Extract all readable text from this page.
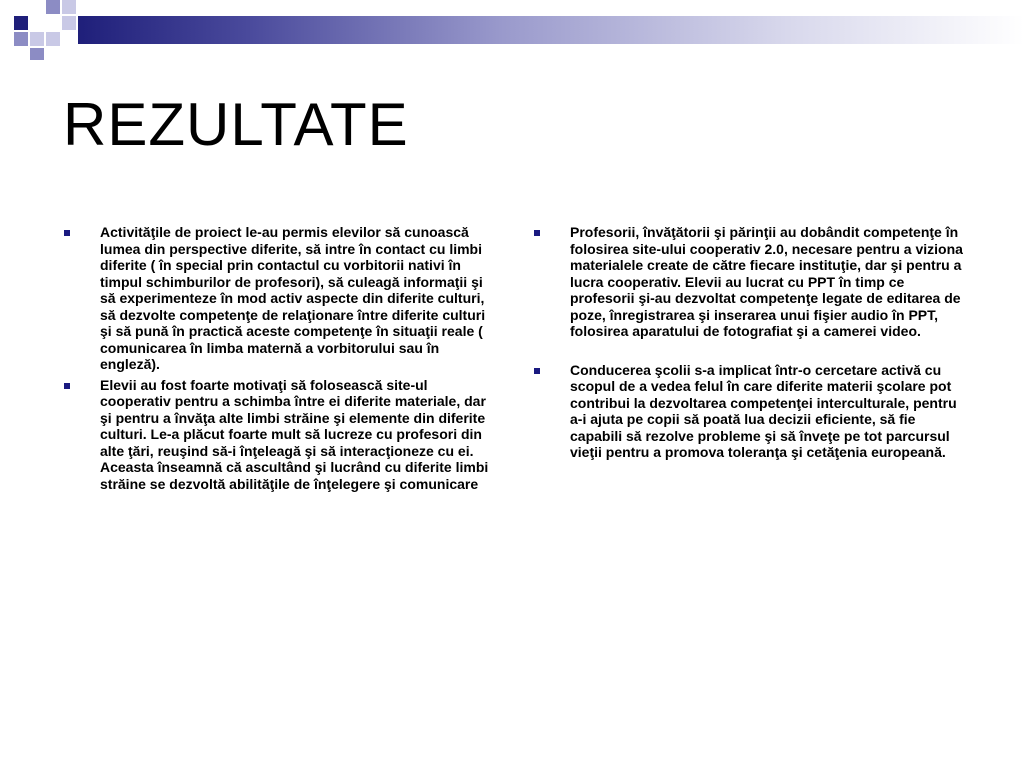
REZULTATE
Activităţile de proiect le-au permis elevilor să cunoască lumea din perspective diferite, să intre în contact cu limbi diferite ( în special prin contactul cu vorbitorii nativi în timpul schimburilor de profesori), să culeagă informaţii şi să experimenteze în mod activ aspecte din diferite culturi, să dezvolte competenţe de relaţionare între diferite culturi şi să pună în practică aceste competenţe în situaţii reale ( comunicarea în limba maternă a vorbitorului sau în engleză).
Elevii au fost foarte motivaţi să folosească site-ul cooperativ pentru a schimba între ei diferite materiale, dar şi pentru a învăţa alte limbi străine şi elemente din diferite culturi. Le-a plăcut foarte mult să lucreze cu profesori din alte ţări, reuşind să-i înţeleagă şi să interacţioneze cu ei. Aceasta înseamnă că ascultând şi lucrând cu diferite limbi străine se dezvoltă abilităţile de înţelegere şi comunicare
Profesorii, învăţătorii şi părinţii au dobândit competenţe în folosirea site-ului cooperativ 2.0, necesare pentru a viziona materialele create de către fiecare instituţie, dar şi pentru a lucra cooperativ. Elevii au lucrat cu PPT în timp ce profesorii şi-au dezvoltat competenţe legate de editarea de poze, înregistrarea şi inserarea unui fişier audio în PPT, folosirea aparatului de fotografiat şi a camerei video.
Conducerea şcolii s-a implicat într-o cercetare activă cu scopul de a vedea felul în care diferite materii şcolare pot contribui la dezvoltarea competenţei interculturale, pentru a-i ajuta pe copii să poată lua decizii eficiente, să fie capabili să rezolve probleme şi să înveţe pe tot parcursul vieţii pentru a promova toleranţa şi cetăţenia europeană.
